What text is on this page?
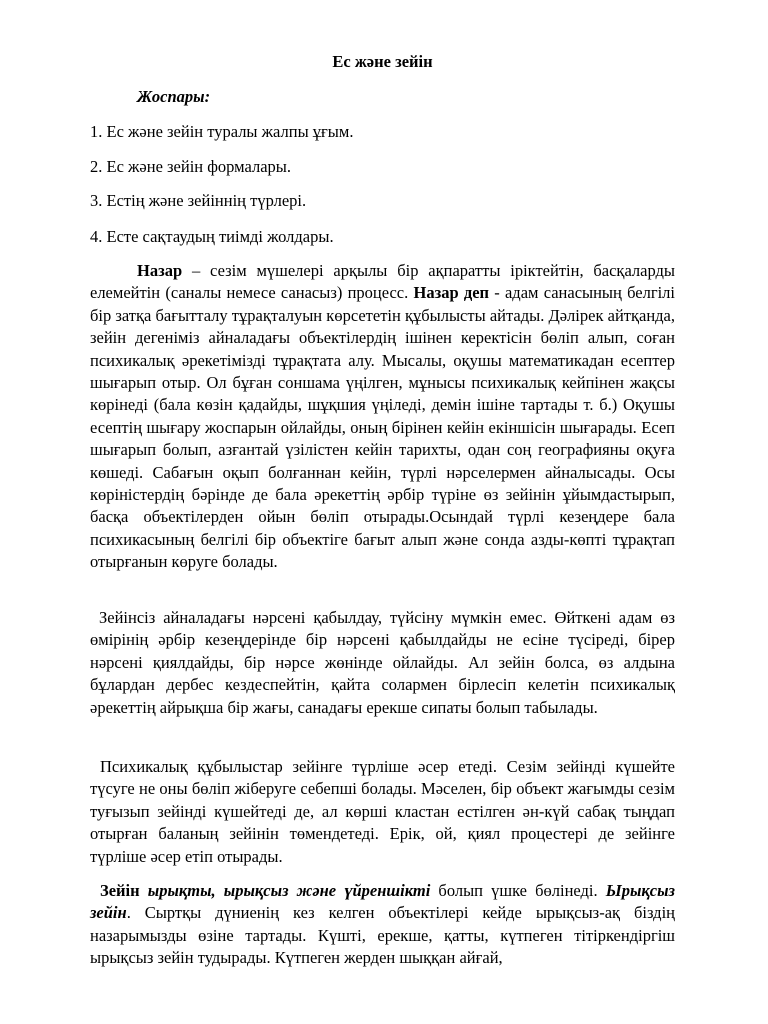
Ес және зейін

Жоспары:

1. Ес және зейін туралы жалпы ұғым.

2. Ес және зейін формалары.

3. Естің және зейіннің түрлері.

4. Есте сақтаудың тиімді жолдары.

Назар – сезім мүшелері арқылы бір ақпаратты іріктейтін, басқаларды елемейтін (саналы немесе санасыз) процесс. Назар деп - адам санасының белгілі бір затқа бағытталу тұрақталуын көрсететін құбылысты айтады. Дәлірек айтқанда, зейін дегеніміз айналадағы объектілердің ішінен керектісін бөліп алып, соған психикалық әрекетімізді тұрақтата алу. Мысалы, оқушы математикадан есептер шығарып отыр. Ол бұған соншама үңілген, мұнысы психикалық кейпінен жақсы көрінеді (бала көзін қадайды, шұқшия үңіледі, демін ішіне тартады т. б.) Оқушы есептің шығару жоспарын ойлайды, оның бірінен кейін екіншісін шығарады. Есеп шығарып болып, азғантай үзілістен кейін тарихты, одан соң географияны оқуға көшеді. Сабағын оқып болғаннан кейін, түрлі нәрселермен айналысады. Осы көріністердің бәрінде де бала әрекеттің әрбір түріне өз зейінін ұйымдастырып, басқа объектілерден ойын бөліп отырады.Осындай түрлі кезеңдере бала психикасының белгілі бір объектіге бағыт алып және сонда азды-көпті тұрақтап отырғанын көруге болады.

Зейінсіз айналадағы нәрсені қабылдау, түйсіну мүмкін емес. Өйткені адам өз өмірінің әрбір кезеңдерінде бір нәрсені қабылдайды не есіне түсіреді, бірер нәрсені қиялдайды, бір нәрсе жөнінде ойлайды. Ал зейін болса, өз алдына бұлардан дербес кездеспейтін, қайта солармен бірлесіп келетін психикалық әрекеттің айрықша бір жағы, санадағы ерекше сипаты болып табылады.

Психикалық құбылыстар зейінге түрліше әсер етеді. Сезім зейінді күшейте түсуге не оны бөліп жіберуге себепші болады. Мәселен, бір объект жағымды сезім туғызып зейінді күшейтеді де, ал көрші кластан естілген ән-күй сабақ тыңдап отырған баланың зейінін төмендетеді. Ерік, ой, қиял процестері де зейінге түрліше әсер етіп отырады.

Зейін ырықты, ырықсыз және үйреншікті болып үшке бөлінеді. Ырықсыз зейін. Сыртқы дүниенің кез келген объектілері кейде ырықсыз-ақ біздің назарымызды өзіне тартады. Күшті, ерекше, қатты, күтпеген тітіркендіргіш ырықсыз зейін тудырады. Күтпеген жерден шыққан айғай,
